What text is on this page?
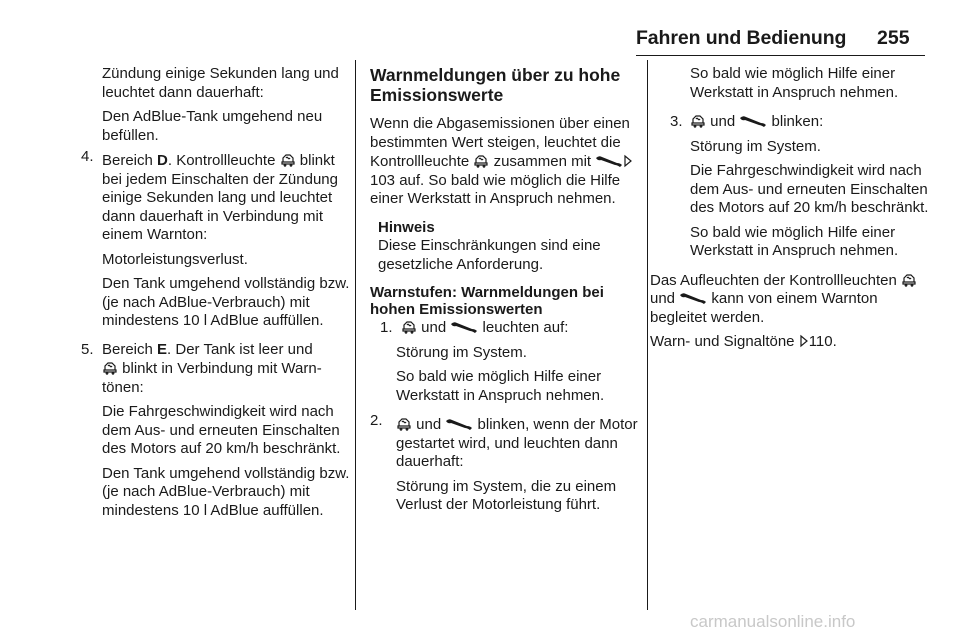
Fahren und Bedienung 255

Zündung einige Sekunden lang und leuchtet dann dauerhaft:

Den AdBlue-Tank umgehend neu befüllen.

4. Bereich D. Kontrollleuchte
blinkt bei jedem Einschalten der Zündung einige Sekunden lang und leuchtet dann dauerhaft in Verbindung mit einem Warnton:

Motorleistungsverlust.

Den Tank umgehend vollständig bzw. (je nach AdBlue-Verbrauch) mit mindestens 10 l AdBlue auffüllen.

5. Bereich E. Der Tank ist leer und

blinkt in Verbindung mit Warntönen:

Die Fahrgeschwindigkeit wird nach dem Aus- und erneuten Einschalten des Motors auf 20 km/h beschränkt.

Den Tank umgehend vollständig bzw. (je nach AdBlue-Verbrauch) mit mindestens 10 l AdBlue auffüllen.

Warnmeldungen über zu hohe Emissionswerte

Wenn die Abgasemissionen über einen bestimmten Wert steigen, leuchtet die Kontrollleuchte
zusammen mit
103 auf. So bald wie möglich die Hilfe einer Werkstatt in Anspruch nehmen.

Hinweis
Diese Einschränkungen sind eine gesetzliche Anforderung.
Warnstufen: Warnmeldungen bei hohen Emissionswerten

1.
und
leuchten auf:

Störung im System.

So bald wie möglich Hilfe einer Werkstatt in Anspruch nehmen.

2.
und
blinken, wenn der Motor gestartet wird, und leuchten dann dauerhaft:

Störung im System, die zu einem Verlust der Motorleistung führt.

So bald wie möglich Hilfe einer Werkstatt in Anspruch nehmen.

3.
und
blinken:

Störung im System.

Die Fahrgeschwindigkeit wird nach dem Aus- und erneuten Einschalten des Motors auf 20 km/h beschränkt.

So bald wie möglich Hilfe einer Werkstatt in Anspruch nehmen.

Das Aufleuchten der Kontrollleuchten
und
kann von einem Warnton begleitet werden.

Warn- und Signaltöne
110.

carmanualsonline.info
